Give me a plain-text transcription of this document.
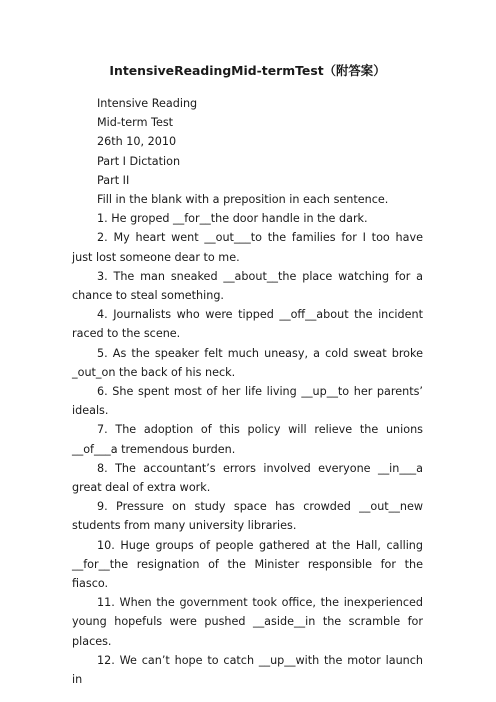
IntensiveReadingMid-termTest（附答案）

Intensive Reading

Mid-term Test

26th 10, 2010

Part I Dictation

Part II

Fill in the blank with a preposition in each sentence.

1. He groped __for__the door handle in the dark.

2. My heart went __out___to the families for I too have just lost someone dear to me.

3. The man sneaked __about__the place watching for a chance to steal something.

4. Journalists who were tipped __off__about the incident raced to the scene.

5. As the speaker felt much uneasy, a cold sweat broke _out_on the back of his neck.

6. She spent most of her life living __up__to her parents’ ideals.

7. The adoption of this policy will relieve the unions __of___a tremendous burden.

8. The accountant’s errors involved everyone __in___a great deal of extra work.

9. Pressure on study space has crowded __out__new students from many university libraries.

10. Huge groups of people gathered at the Hall, calling __for__the resignation of the Minister responsible for the fiasco.

11. When the government took office, the inexperienced young hopefuls were pushed __aside__in the scramble for places.

12. We can’t hope to catch __up__with the motor launch in
